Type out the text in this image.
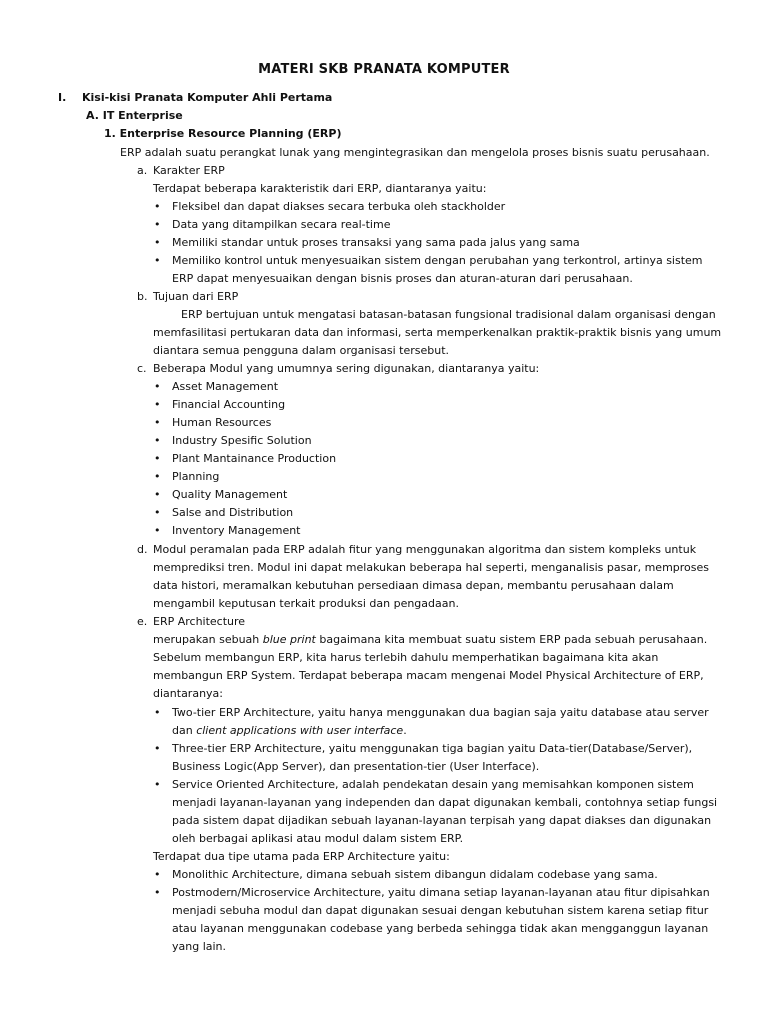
MATERI SKB PRANATA KOMPUTER
I. Kisi-kisi Pranata Komputer Ahli Pertama
A. IT Enterprise
1. Enterprise Resource Planning (ERP)
ERP adalah suatu perangkat lunak yang mengintegrasikan dan mengelola proses bisnis suatu perusahaan.
a. Karakter ERP
Terdapat beberapa karakteristik dari ERP, diantaranya yaitu:
•	Fleksibel dan dapat diakses secara terbuka oleh stackholder
•	Data yang ditampilkan secara real-time
•	Memiliki standar untuk proses transaksi yang sama pada jalus yang sama
•	Memiliko kontrol untuk menyesuaikan sistem dengan perubahan yang terkontrol, artinya sistem
ERP dapat menyesuaikan dengan bisnis proses dan aturan-aturan dari perusahaan.
b. Tujuan dari ERP
ERP bertujuan untuk mengatasi batasan-batasan fungsional tradisional dalam organisasi dengan
memfasilitasi pertukaran data dan informasi, serta memperkenalkan praktik-praktik bisnis yang umum
diantara semua pengguna dalam organisasi tersebut.
c. Beberapa Modul yang umumnya sering digunakan, diantaranya yaitu:
•	Asset Management
•	Financial Accounting
•	Human Resources
•	Industry Spesific Solution
•	Plant Mantainance Production
•	Planning
•	Quality Management
•	Salse and Distribution
•	Inventory Management
d. Modul peramalan pada ERP adalah fitur yang menggunakan algoritma dan sistem kompleks untuk
memprediksi tren. Modul ini dapat melakukan beberapa hal seperti, menganalisis pasar, memproses
data histori, meramalkan kebutuhan persediaan dimasa depan, membantu perusahaan dalam
mengambil keputusan terkait produksi dan pengadaan.
e. ERP Architecture
merupakan sebuah blue print bagaimana kita membuat suatu sistem ERP pada sebuah perusahaan.
Sebelum membangun ERP, kita harus terlebih dahulu memperhatikan bagaimana kita akan
membangun ERP System. Terdapat beberapa macam mengenai Model Physical Architecture of ERP,
diantaranya:
•	Two-tier ERP Architecture, yaitu hanya menggunakan dua bagian saja yaitu database atau server
dan client applications with user interface.
•	Three-tier ERP Architecture, yaitu menggunakan tiga bagian yaitu Data-tier(Database/Server),
Business Logic(App Server), dan presentation-tier (User Interface).
•	Service Oriented Architecture, adalah pendekatan desain yang memisahkan komponen sistem
menjadi layanan-layanan yang independen dan dapat digunakan kembali, contohnya setiap fungsi
pada sistem dapat dijadikan sebuah layanan-layanan terpisah yang dapat diakses dan digunakan
oleh berbagai aplikasi atau modul dalam sistem ERP.
Terdapat dua tipe utama pada ERP Architecture yaitu:
•	Monolithic Architecture, dimana sebuah sistem dibangun didalam codebase yang sama.
•	Postmodern/Microservice Architecture, yaitu dimana setiap layanan-layanan atau fitur dipisahkan
menjadi sebuha modul dan dapat digunakan sesuai dengan kebutuhan sistem karena setiap fitur
atau layanan menggunakan codebase yang berbeda sehingga tidak akan mengganggun layanan
yang lain.
